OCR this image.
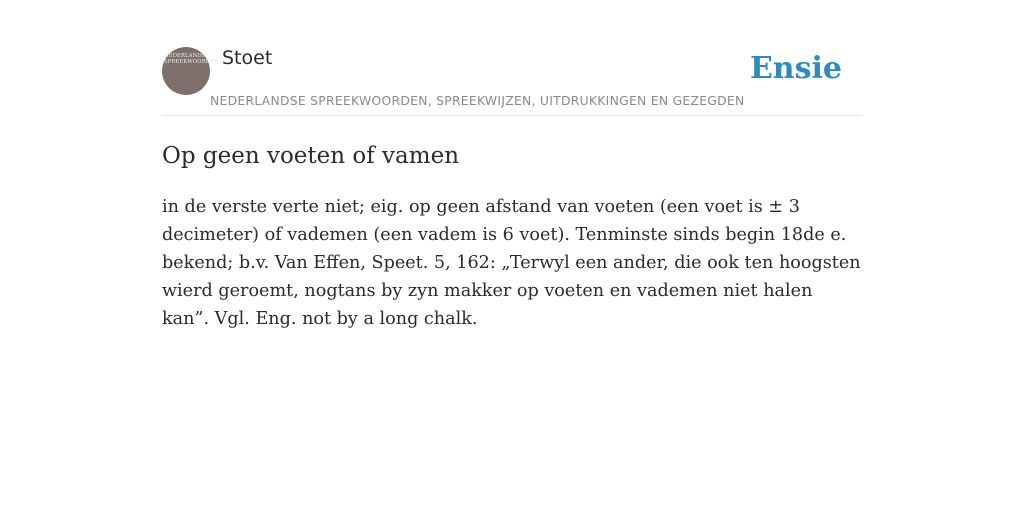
NEDERLANDSE SPREEKWOORDEN Stoet
NEDERLANDSE SPREEKWOORDEN, SPREEKWIJZEN, UITDRUKKINGEN EN GEZEGDEN
Ensie
Op geen voeten of vamen

in de verste verte niet; eig. op geen afstand van voeten (een voet is ± 3 decimeter) of vademen (een vadem is 6 voet). Tenminste sinds begin 18de e. bekend; b.v. Van Effen, Speet. 5, 162: „Terwyl een ander, die ook ten hoogsten wierd geroemt, nogtans by zyn makker op voeten en vademen niet halen kan”. Vgl. Eng. not by a long chalk.
